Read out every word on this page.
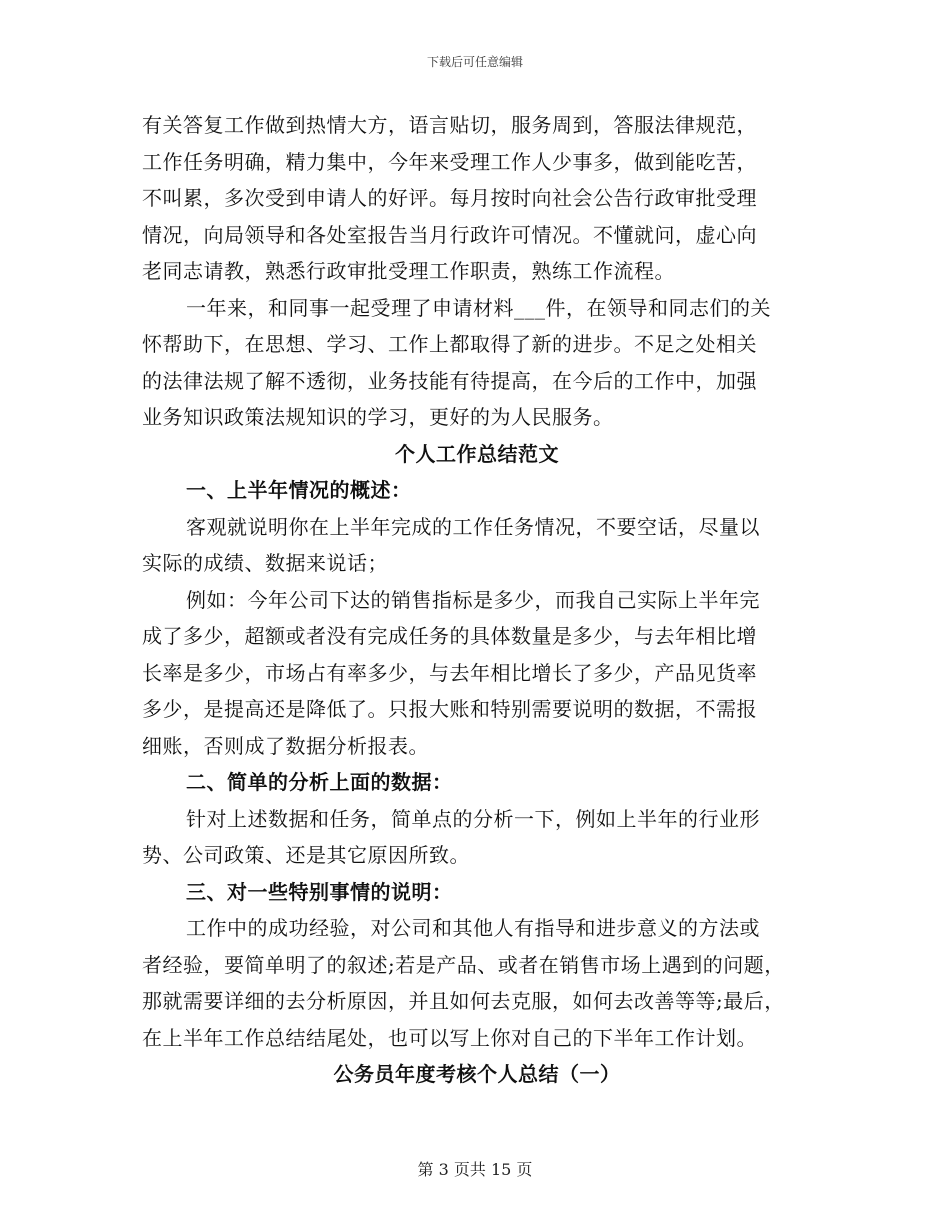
下载后可任意编辑
有关答复工作做到热情大方，语言贴切，服务周到，答服法律规范，
工作任务明确，精力集中，今年来受理工作人少事多，做到能吃苦，
不叫累，多次受到申请人的好评。每月按时向社会公告行政审批受理
情况，向局领导和各处室报告当月行政许可情况。不懂就问，虚心向
老同志请教，熟悉行政审批受理工作职责，熟练工作流程。
一年来，和同事一起受理了申请材料___件，在领导和同志们的关
怀帮助下，在思想、学习、工作上都取得了新的进步。不足之处相关
的法律法规了解不透彻，业务技能有待提高，在今后的工作中，加强
业务知识政策法规知识的学习，更好的为人民服务。
个人工作总结范文
一、上半年情况的概述：
客观就说明你在上半年完成的工作任务情况，不要空话，尽量以
实际的成绩、数据来说话；
例如：今年公司下达的销售指标是多少，而我自己实际上半年完
成了多少，超额或者没有完成任务的具体数量是多少，与去年相比增
长率是多少，市场占有率多少，与去年相比增长了多少，产品见货率
多少，是提高还是降低了。只报大账和特别需要说明的数据，不需报
细账，否则成了数据分析报表。
二、简单的分析上面的数据：
针对上述数据和任务，简单点的分析一下，例如上半年的行业形
势、公司政策、还是其它原因所致。
三、对一些特别事情的说明：
工作中的成功经验，对公司和其他人有指导和进步意义的方法或
者经验，要简单明了的叙述;若是产品、或者在销售市场上遇到的问题，
那就需要详细的去分析原因，并且如何去克服，如何去改善等等;最后，
在上半年工作总结结尾处，也可以写上你对自己的下半年工作计划。
公务员年度考核个人总结（一）
第 3 页共 15 页
